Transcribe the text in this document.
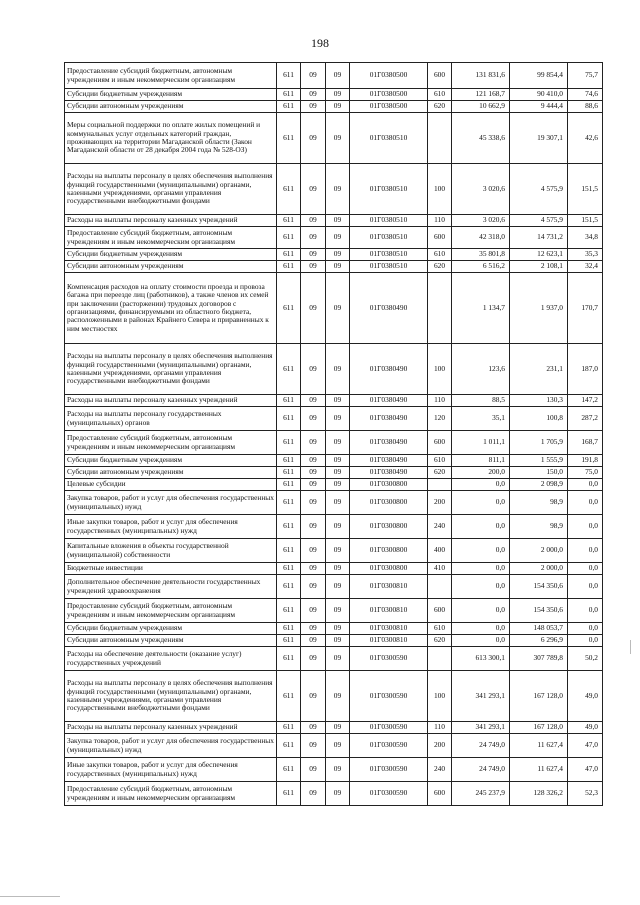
198
Предоставление субсидий бюджетным, автономным учреждениям и иным некоммерческим организациям	611	09	09	01Г0380500	600	131 831,6	99 854,4	75,7
Субсидии бюджетным учреждениям	611	09	09	01Г0380500	610	121 168,7	90 410,0	74,6
Субсидии автономным учреждениям	611	09	09	01Г0380500	620	10 662,9	9 444,4	88,6
Меры социальной поддержки по оплате жилых помещений и коммунальных услуг отдельных категорий граждан, проживающих на территории Магаданской области (Закон Магаданской области от 28 декабря 2004 года № 528-ОЗ)	611	09	09	01Г0380510		45 338,6	19 307,1	42,6
Расходы на выплаты персоналу в целях обеспечения выполнения функций государственными (муниципальными) органами, казенными учреждениями, органами управления государственными внебюджетными фондами	611	09	09	01Г0380510	100	3 020,6	4 575,9	151,5
Расходы на выплаты персоналу казенных учреждений	611	09	09	01Г0380510	110	3 020,6	4 575,9	151,5
Предоставление субсидий бюджетным, автономным учреждениям и иным некоммерческим организациям	611	09	09	01Г0380510	600	42 318,0	14 731,2	34,8
Субсидии бюджетным учреждениям	611	09	09	01Г0380510	610	35 801,8	12 623,1	35,3
Субсидии автономным учреждениям	611	09	09	01Г0380510	620	6 516,2	2 108,1	32,4
Компенсация расходов на оплату стоимости проезда и провоза багажа при переезде лиц (работников), а также членов их семей при заключении (расторжении) трудовых договоров с организациями, финансируемыми из областного бюджета, расположенными в районах Крайнего Севера и приравненных к ним местностях	611	09	09	01Г0380490		1 134,7	1 937,0	170,7
Расходы на выплаты персоналу в целях обеспечения выполнения функций государственными (муниципальными) органами, казенными учреждениями, органами управления государственными внебюджетными фондами	611	09	09	01Г0380490	100	123,6	231,1	187,0
Расходы на выплаты персоналу казенных учреждений	611	09	09	01Г0380490	110	88,5	130,3	147,2
Расходы на выплаты персоналу государственных (муниципальных) органов	611	09	09	01Г0380490	120	35,1	100,8	287,2
Предоставление субсидий бюджетным, автономным учреждениям и иным некоммерческим организациям	611	09	09	01Г0380490	600	1 011,1	1 705,9	168,7
Субсидии бюджетным учреждениям	611	09	09	01Г0380490	610	811,1	1 555,9	191,8
Субсидии автономным учреждениям	611	09	09	01Г0380490	620	200,0	150,0	75,0
Целевые субсидии	611	09	09	01Г0300800		0,0	2 098,9	0,0
Закупка товаров, работ и услуг для обеспечения государственных (муниципальных) нужд	611	09	09	01Г0300800	200	0,0	98,9	0,0
Иные закупки товаров, работ и услуг для обеспечения государственных (муниципальных) нужд	611	09	09	01Г0300800	240	0,0	98,9	0,0
Капитальные вложения в объекты государственной (муниципальной) собственности	611	09	09	01Г0300800	400	0,0	2 000,0	0,0
Бюджетные инвестиции	611	09	09	01Г0300800	410	0,0	2 000,0	0,0
Дополнительное обеспечение деятельности государственных учреждений здравоохранения	611	09	09	01Г0300810		0,0	154 350,6	0,0
Предоставление субсидий бюджетным, автономным учреждениям и иным некоммерческим организациям	611	09	09	01Г0300810	600	0,0	154 350,6	0,0
Субсидии бюджетным учреждениям	611	09	09	01Г0300810	610	0,0	148 053,7	0,0
Субсидии автономным учреждениям	611	09	09	01Г0300810	620	0,0	6 296,9	0,0
Расходы на обеспечение деятельности (оказание услуг) государственных учреждений	611	09	09	01Г0300590		613 300,1	307 789,8	50,2
Расходы на выплаты персоналу в целях обеспечения выполнения функций государственными (муниципальными) органами, казенными учреждениями, органами управления государственными внебюджетными фондами	611	09	09	01Г0300590	100	341 293,1	167 128,0	49,0
Расходы на выплаты персоналу казенных учреждений	611	09	09	01Г0300590	110	341 293,1	167 128,0	49,0
Закупка товаров, работ и услуг для обеспечения государственных (муниципальных) нужд	611	09	09	01Г0300590	200	24 749,0	11 627,4	47,0
Иные закупки товаров, работ и услуг для обеспечения государственных (муниципальных) нужд	611	09	09	01Г0300590	240	24 749,0	11 627,4	47,0
Предоставление субсидий бюджетным, автономным учреждениям и иным некоммерческим организациям	611	09	09	01Г0300590	600	245 237,9	128 326,2	52,3
